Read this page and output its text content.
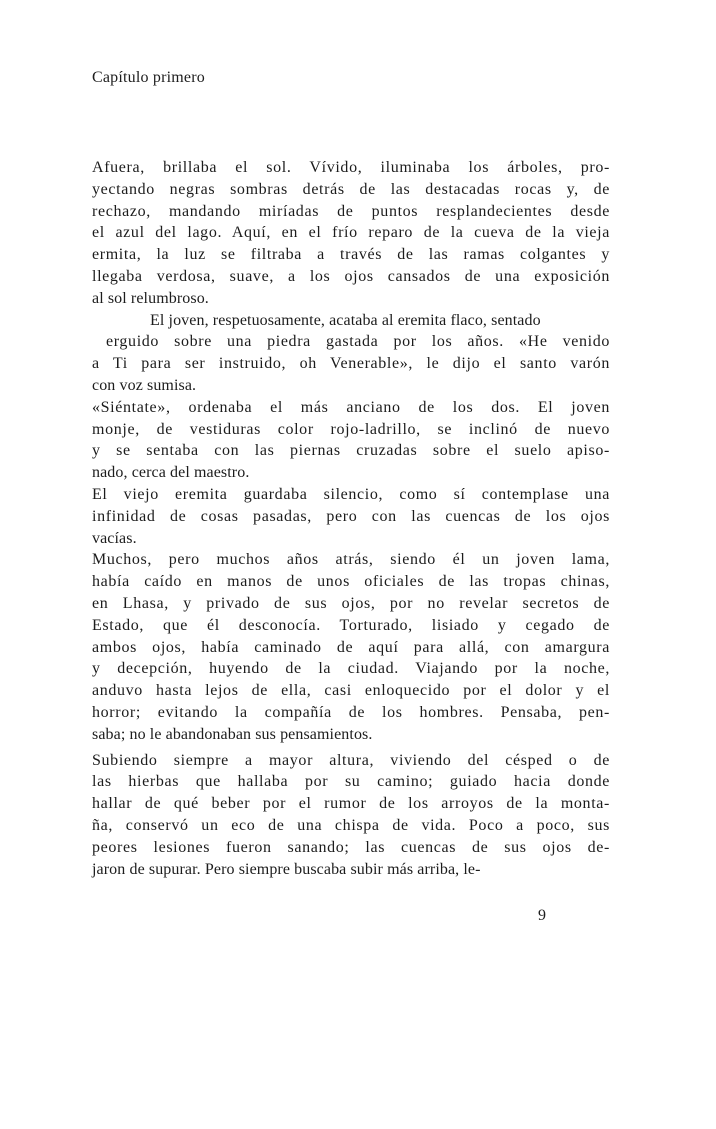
Capítulo primero
Afuera, brillaba el sol. Vívido, iluminaba los árboles, pro-
yectando negras sombras detrás de las destacadas rocas y, de
rechazo, mandando miríadas de puntos resplandecientes desde
el azul del lago. Aquí, en el frío reparo de la cueva de la vieja
ermita, la luz se filtraba a través de las ramas colgantes y
llegaba verdosa, suave, a los ojos cansados de una exposición
al sol relumbroso.
El joven, respetuosamente, acataba al eremita flaco, sentado
erguido sobre una piedra gastada por los años. «He venido
a Ti para ser instruido, oh Venerable», le dijo el santo varón
con voz sumisa.
«Siéntate», ordenaba el más anciano de los dos. El joven
monje, de vestiduras color rojo-ladrillo, se inclinó de nuevo
y se sentaba con las piernas cruzadas sobre el suelo apiso-
nado, cerca del maestro.
El viejo eremita guardaba silencio, como sí contemplase una
infinidad de cosas pasadas, pero con las cuencas de los ojos
vacías.
Muchos, pero muchos años atrás, siendo él un joven lama,
había caído en manos de unos oficiales de las tropas chinas,
en Lhasa, y privado de sus ojos, por no revelar secretos de
Estado, que él desconocía. Torturado, lisiado y cegado de
ambos ojos, había caminado de aquí para allá, con amargura
y decepción, huyendo de la ciudad. Viajando por la noche,
anduvo hasta lejos de ella, casi enloquecido por el dolor y el
horror; evitando la compañía de los hombres. Pensaba, pen-
saba; no le abandonaban sus pensamientos.
Subiendo siempre a mayor altura, viviendo del césped o de
las hierbas que hallaba por su camino; guiado hacia donde
hallar de qué beber por el rumor de los arroyos de la monta-
ña, conservó un eco de una chispa de vida. Poco a poco, sus
peores lesiones fueron sanando; las cuencas de sus ojos de-
jaron de supurar. Pero siempre buscaba subir más arriba, le-
9
